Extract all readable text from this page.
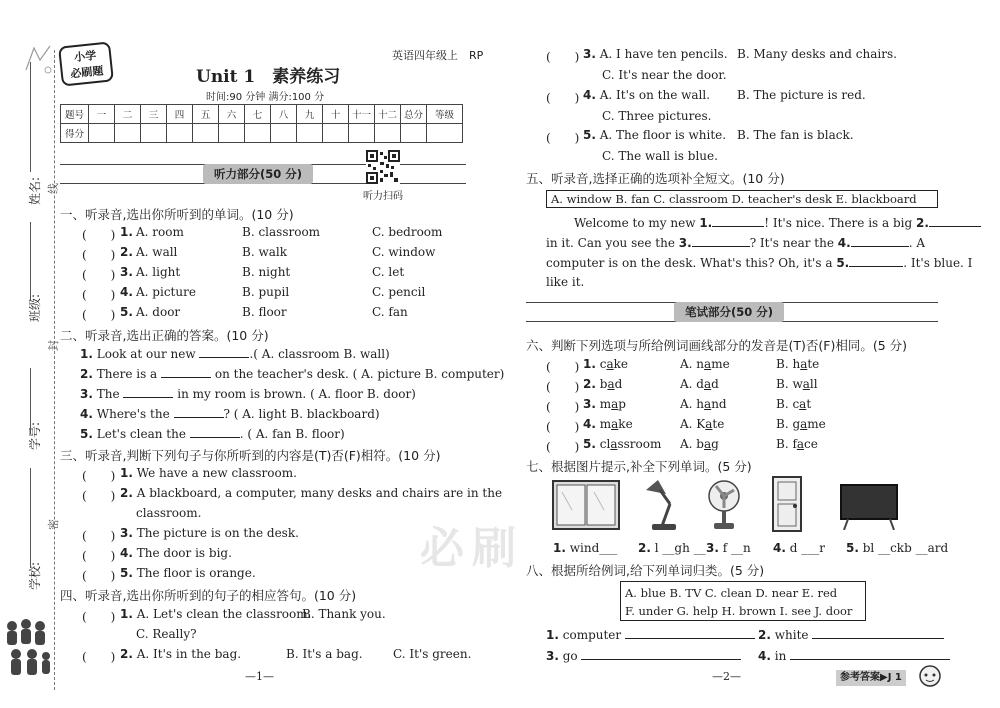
姓名: 线
班级:
封
学号:
密
学校:
小学
必刷题
英语四年级上　RP
Unit 1　素养练习
时间:90 分钟 满分:100 分
题号	一	二	三	四	五	六	七	八	九	十	十一	十二	总分	等级
得分														
听力部分(50 分)
听力扫码
一、听录音,选出你所听到的单词。(10 分)
(　　) 1. A. room	B. classroom	C. bedroom
(　　) 2. A. wall	B. walk	C. window
(　　) 3. A. light	B. night	C. let
(　　) 4. A. picture	B. pupil	C. pencil
(　　) 5. A. door	B. floor	C. fan
二、听录音,选出正确的答案。(10 分)
1. Look at our new	.( A. classroom B. wall)
2. There is a	on the teacher's desk. ( A. picture B. computer)
3. The	in my room is brown. ( A. floor B. door)
4. Where's the	? ( A. light B. blackboard)
5. Let's clean the	. ( A. fan B. floor)
三、听录音,判断下列句子与你所听到的内容是(T)否(F)相符。(10 分)
(　　) 1. We have a new classroom.
(　　) 2. A blackboard, a computer, many desks and chairs are in the
classroom.
(　　) 3. The picture is on the desk.
(　　) 4. The door is big.
(　　) 5. The floor is orange.
四、听录音,选出你所听到的句子的相应答句。(10 分)
(　　) 1. A. Let's clean the classroom.
B. Thank you.
C. Really?
(　　) 2. A. It's in the bag.	B. It's a bag.	C. It's green.
—1—
必刷
(　　) 3. A. I have ten pencils. B. Many desks and chairs.
C. It's near the door.
(　　) 4. A. It's on the wall. B. The picture is red.
C. Three pictures.
(　　) 5. A. The floor is white. B. The fan is black.
C. The wall is blue.
五、听录音,选择正确的选项补全短文。(10 分)
A. window B. fan C. classroom D. teacher's desk E. blackboard
Welcome to my new 1.	! It's nice. There is a big 2.
in it. Can you see the 3.	? It's near the 4.	. A
computer is on the desk. What's this? Oh, it's a 5.	. It's blue. I
like it.
笔试部分(50 分)
六、判断下列选项与所给例词画线部分的发音是(T)否(F)相同。(5 分)
(　　) 1. cake	A. name	B. hate
(　　) 2. bad	A. dad	B. wall
(　　) 3. map	A. hand	B. cat
(　　) 4. make	A. Kate	B. game
(　　) 5. classroom A. bag	B. face
七、根据图片提示,补全下列单词。(5 分)
1. wind___ 2. l __gh __ 3. f __n 4. d ___r 5. bl __ckb __ard
八、根据所给例词,给下列单词归类。(5 分)
A. blue B. TV C. clean D. near E. red
F. under G. help H. brown I. see J. door
1. computer	2. white
3. go	4. in
—2—	参考答案▶J 1
